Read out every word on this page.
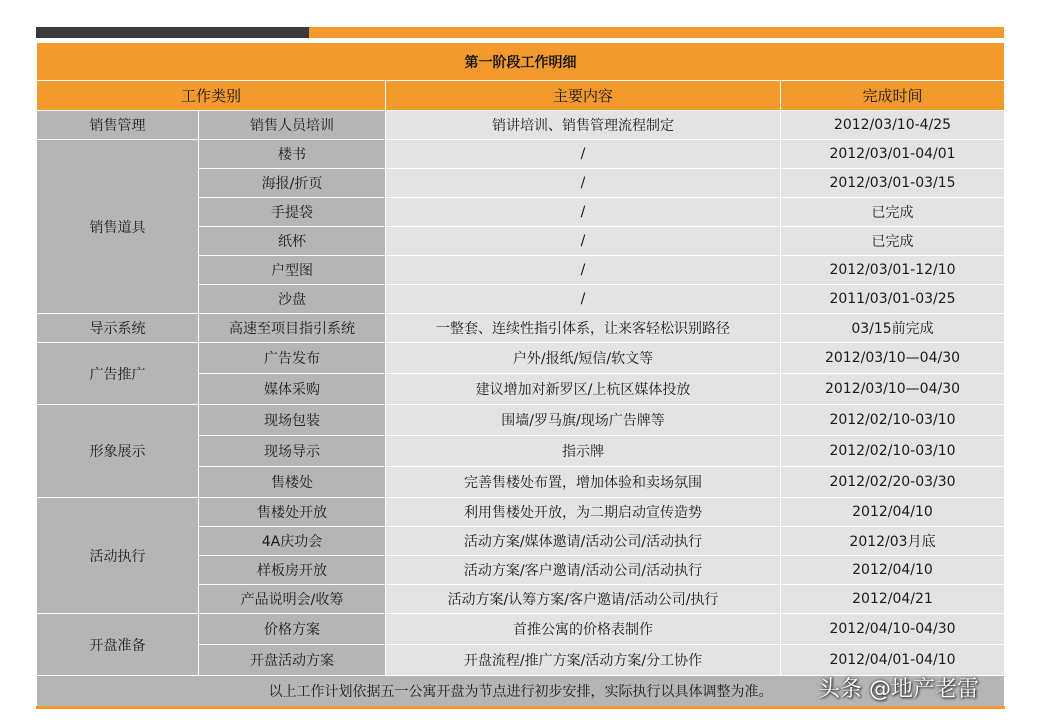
第一阶段工作明细			
工作类别		主要内容	完成时间
销售管理	销售人员培训	销讲培训、销售管理流程制定	2012/03/10-4/25
销售道具	楼书	/	2012/03/01-04/01
	海报/折页	/	2012/03/01-03/15
	手提袋	/	已完成
	纸杯	/	已完成
	户型图	/	2012/03/01-12/10
	沙盘	/	2011/03/01-03/25
导示系统	高速至项目指引系统	一整套、连续性指引体系，让来客轻松识别路径	03/15前完成
广告推广	广告发布	户外/报纸/短信/软文等	2012/03/10—04/30
	媒体采购	建议增加对新罗区/上杭区媒体投放	2012/03/10—04/30
形象展示	现场包装	围墙/罗马旗/现场广告牌等	2012/02/10-03/10
	现场导示	指示牌	2012/02/10-03/10
	售楼处	完善售楼处布置，增加体验和卖场氛围	2012/02/20-03/30
活动执行	售楼处开放	利用售楼处开放，为二期启动宣传造势	2012/04/10
	4A庆功会	活动方案/媒体邀请/活动公司/活动执行	2012/03月底
	样板房开放	活动方案/客户邀请/活动公司/活动执行	2012/04/10
	产品说明会/收筹	活动方案/认筹方案/客户邀请/活动公司/执行	2012/04/21
开盘准备	价格方案	首推公寓的价格表制作	2012/04/10-04/30
	开盘活动方案	开盘流程/推广方案/活动方案/分工协作	2012/04/01-04/10
以上工作计划依据五一公寓开盘为节点进行初步安排，实际执行以具体调整为准。			头条 @地产老雷
